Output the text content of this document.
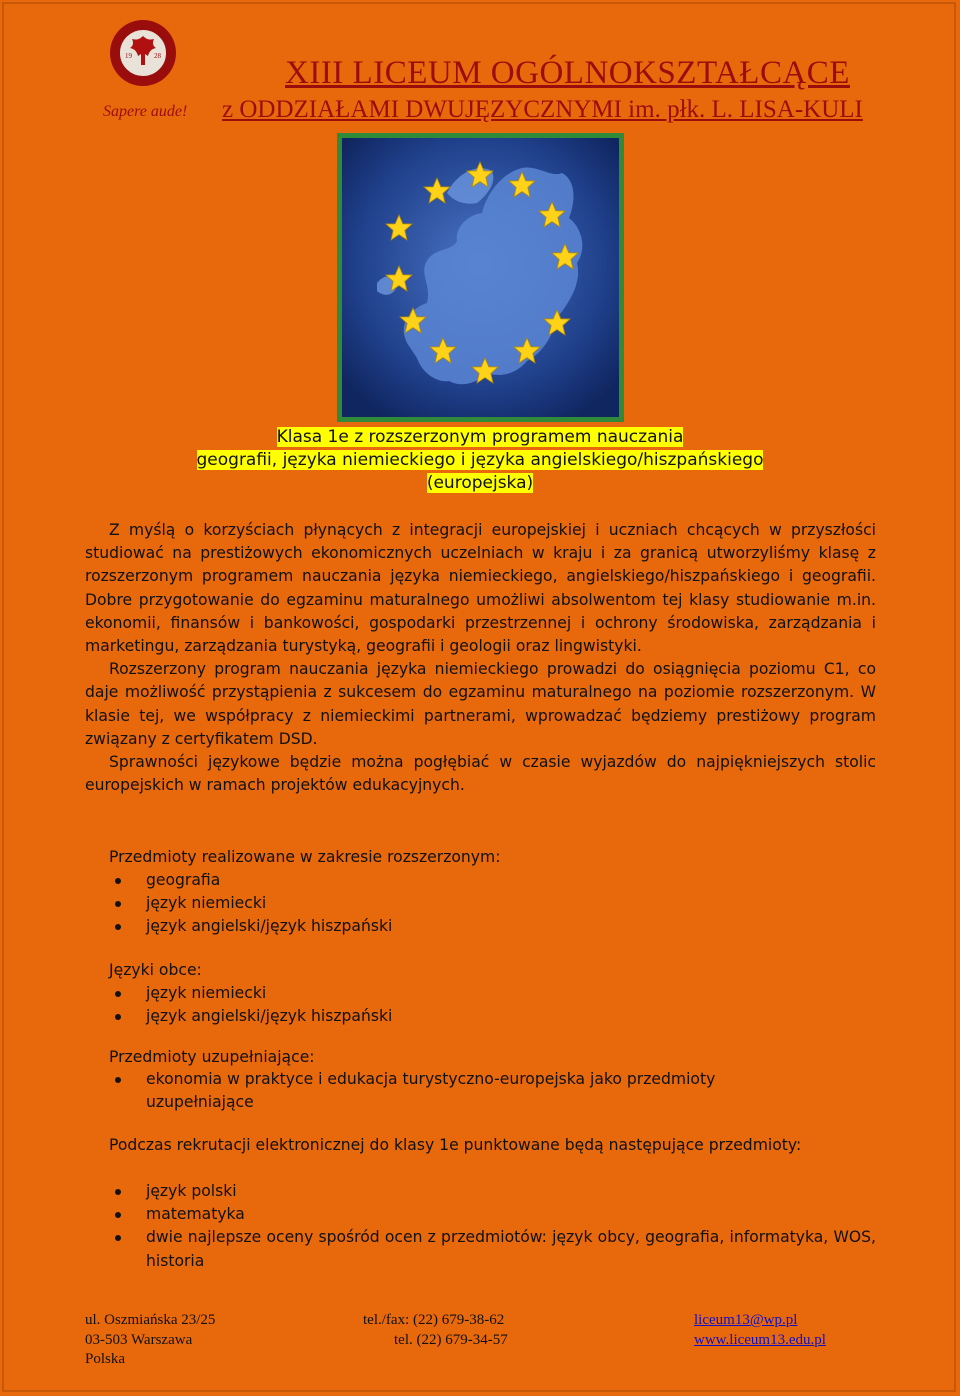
19	28
Sapere aude!
XIII LICEUM OGÓLNOKSZTAŁCĄCE
z ODDZIAŁAMI DWUJĘZYCZNYMI im. płk. L. LISA-KULI
Klasa 1e z rozszerzonym programem nauczania
geografii, języka niemieckiego i języka angielskiego/hiszpańskiego
(europejska)

Z myślą o korzyściach płynących z integracji europejskiej i uczniach chcących w przyszłości studiować na prestiżowych ekonomicznych uczelniach w kraju i za granicą utworzyliśmy klasę z rozszerzonym programem nauczania języka niemieckiego, angielskiego/hiszpańskiego i geografii. Dobre przygotowanie do egzaminu maturalnego umożliwi absolwentom tej klasy studiowanie m.in. ekonomii, finansów i bankowości, gospodarki przestrzennej i ochrony środowiska, zarządzania i marketingu, zarządzania turystyką, geografii i geologii oraz lingwistyki.

Rozszerzony program nauczania języka niemieckiego prowadzi do osiągnięcia poziomu C1, co daje możliwość przystąpienia z sukcesem do egzaminu maturalnego na poziomie rozszerzonym. W klasie tej, we współpracy z niemieckimi partnerami, wprowadzać będziemy prestiżowy program związany z certyfikatem DSD.

Sprawności językowe będzie można pogłębiać w czasie wyjazdów do najpiękniejszych stolic europejskich w ramach projektów edukacyjnych.

Przedmioty realizowane w zakresie rozszerzonym:
geografia
język niemiecki
język angielski/język hiszpański
Języki obce:
język niemiecki
język angielski/język hiszpański
Przedmioty uzupełniające:
ekonomia w praktyce i edukacja turystyczno-europejska jako przedmioty uzupełniające
Podczas rekrutacji elektronicznej do klasy 1e punktowane będą następujące przedmioty:
język polski
matematyka
dwie najlepsze oceny spośród ocen z przedmiotów: język obcy, geografia, informatyka, WOS, historia
ul. Oszmiańska 23/25
03-503 Warszawa
Polska
tel./fax: (22) 679-38-62
tel. (22) 679-34-57
liceum13@wp.pl
www.liceum13.edu.pl
